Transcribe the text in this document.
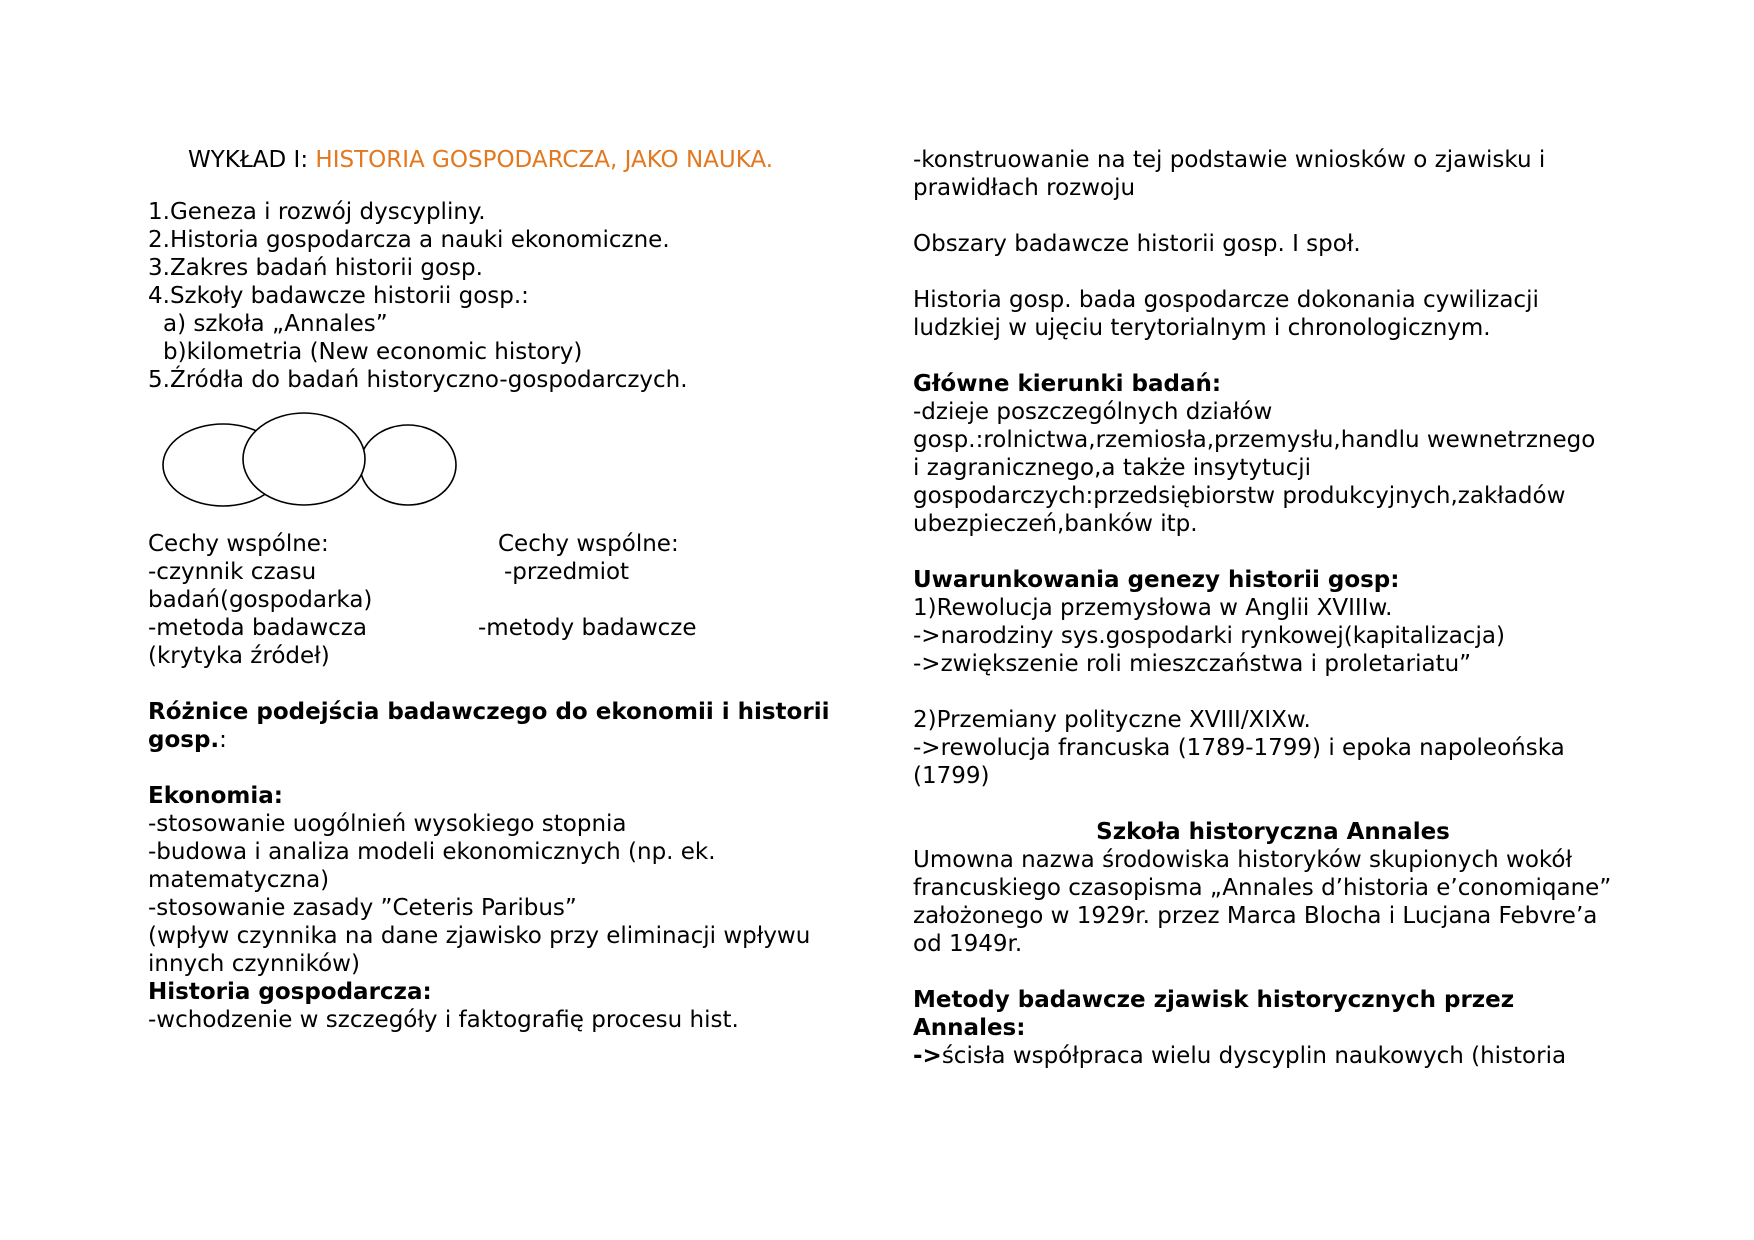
WYKŁAD I: HISTORIA GOSPODARCZA, JAKO NAUKA.
1.Geneza i rozwój dyscypliny.
2.Historia gospodarcza a nauki ekonomiczne.
3.Zakres badań historii gosp.
4.Szkoły badawcze historii gosp.:
a) szkoła „Annales”
b)kilometria (New economic history)
5.Źródła do badań historyczno-gospodarczych.
Cechy wspólne:
-czynnik czasu
badań(gospodarka)
-metoda badawcza
(krytyka źródeł)
Cechy wspólne:
-przedmiot

-metody badawcze
Różnice podejścia badawczego do ekonomii i historii
gosp.:
Ekonomia:
-stosowanie uogólnień wysokiego stopnia
-budowa i analiza modeli ekonomicznych (np. ek.
matematyczna)
-stosowanie zasady ”Ceteris Paribus”
(wpływ czynnika na dane zjawisko przy eliminacji wpływu
innych czynników)
Historia gospodarcza:
-wchodzenie w szczegóły i faktografię procesu hist.
-konstruowanie na tej podstawie wniosków o zjawisku i
prawidłach rozwoju
Obszary badawcze historii gosp. I społ.
Historia gosp. bada gospodarcze dokonania cywilizacji
ludzkiej w ujęciu terytorialnym i chronologicznym.
Główne kierunki badań:
-dzieje poszczególnych działów
gosp.:rolnictwa,rzemiosła,przemysłu,handlu wewnetrznego
i zagranicznego,a także insytytucji
gospodarczych:przedsiębiorstw produkcyjnych,zakładów
ubezpieczeń,banków itp.
Uwarunkowania genezy historii gosp:
1)Rewolucja przemysłowa w Anglii XVIIIw.
->narodziny sys.gospodarki rynkowej(kapitalizacja)
->zwiększenie roli mieszczaństwa i proletariatu”
2)Przemiany polityczne XVIII/XIXw.
->rewolucja francuska (1789-1799) i epoka napoleońska
(1799)
Szkoła historyczna Annales
Umowna nazwa środowiska historyków skupionych wokół
francuskiego czasopisma „Annales d’historia e’conomiqane”
założonego w 1929r. przez Marca Blocha i Lucjana Febvre’a
od 1949r.
Metody badawcze zjawisk historycznych przez
Annales:
->ścisła współpraca wielu dyscyplin naukowych (historia
